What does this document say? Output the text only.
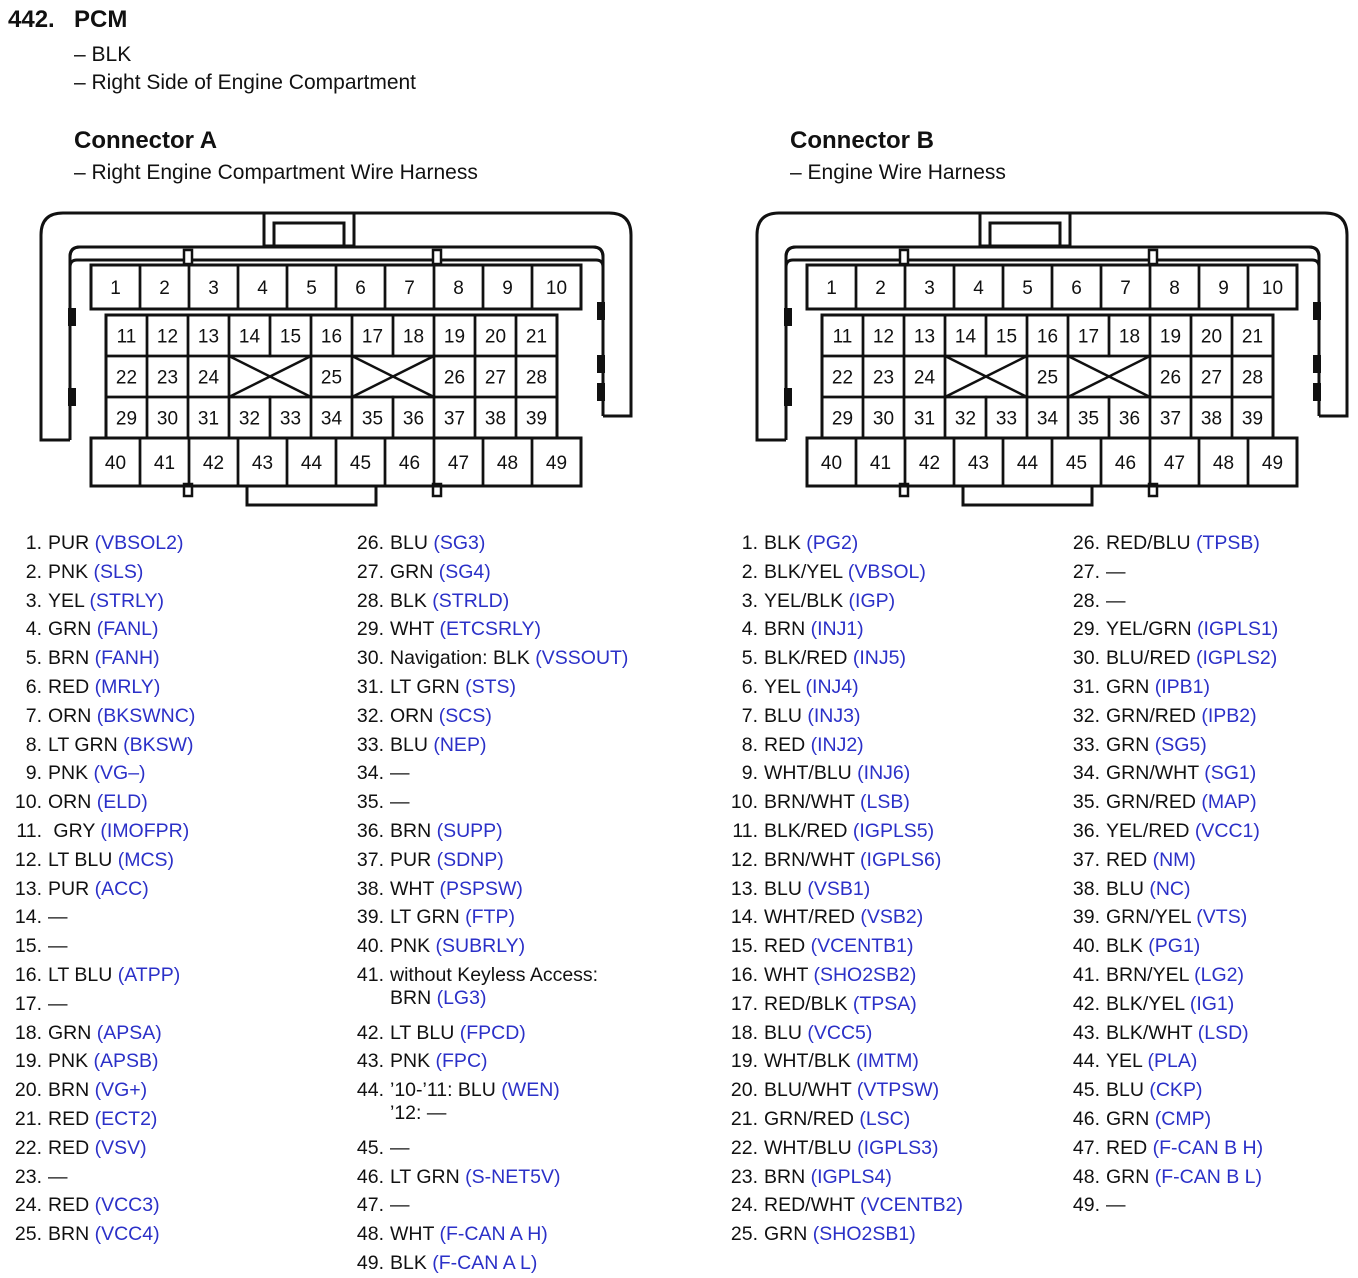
442. PCM
– BLK
– Right Side of Engine Compartment
Connector A
– Right Engine Compartment Wire Harness
Connector B
– Engine Wire Harness
1 2 3 4 5 6 7 8 9 10
11 12 13 14 15 16 17 18 19 20 21
22 23 24	25	26 27 28
29 30 31 32 33 34 35 36 37 38 39
40 41 42 43 44 45 46 47 48 49
1 2 3 4 5 6 7 8 9 10
11 12 13 14 15 16 17 18 19 20 21
22 23 24	25	26 27 28
29 30 31 32 33 34 35 36 37 38 39
40 41 42 43 44 45 46 47 48 49
1. PUR (VBSOL2)
2. PNK (SLS)
3. YEL (STRLY)
4. GRN (FANL)
5. BRN (FANH)
6. RED (MRLY)
7. ORN (BKSWNC)
8. LT GRN (BKSW)
9. PNK (VG–)
10. ORN (ELD)
11. GRY (IMOFPR)
12. LT BLU (MCS)
13. PUR (ACC)
14. —
15. —
16. LT BLU (ATPP)
17. —
18. GRN (APSA)
19. PNK (APSB)
20. BRN (VG+)
21. RED (ECT2)
22. RED (VSV)
23. —
24. RED (VCC3)
25. BRN (VCC4)
26. BLU (SG3)
27. GRN (SG4)
28. BLK (STRLD)
29. WHT (ETCSRLY)
30. Navigation: BLK (VSSOUT)
31. LT GRN (STS)
32. ORN (SCS)
33. BLU (NEP)
34. —
35. —
36. BRN (SUPP)
37. PUR (SDNP)
38. WHT (PSPSW)
39. LT GRN (FTP)
40. PNK (SUBRLY)
41. without Keyless Access:
BRN (LG3)
42. LT BLU (FPCD)
43. PNK (FPC)
44. ’10-’11: BLU (WEN)
’12: —
45. —
46. LT GRN (S-NET5V)
47. —
48. WHT (F-CAN A H)
49. BLK (F-CAN A L)
1. BLK (PG2)
2. BLK/YEL (VBSOL)
3. YEL/BLK (IGP)
4. BRN (INJ1)
5. BLK/RED (INJ5)
6. YEL (INJ4)
7. BLU (INJ3)
8. RED (INJ2)
9. WHT/BLU (INJ6)
10. BRN/WHT (LSB)
11. BLK/RED (IGPLS5)
12. BRN/WHT (IGPLS6)
13. BLU (VSB1)
14. WHT/RED (VSB2)
15. RED (VCENTB1)
16. WHT (SHO2SB2)
17. RED/BLK (TPSA)
18. BLU (VCC5)
19. WHT/BLK (IMTM)
20. BLU/WHT (VTPSW)
21. GRN/RED (LSC)
22. WHT/BLU (IGPLS3)
23. BRN (IGPLS4)
24. RED/WHT (VCENTB2)
25. GRN (SHO2SB1)
26. RED/BLU (TPSB)
27. —
28. —
29. YEL/GRN (IGPLS1)
30. BLU/RED (IGPLS2)
31. GRN (IPB1)
32. GRN/RED (IPB2)
33. GRN (SG5)
34. GRN/WHT (SG1)
35. GRN/RED (MAP)
36. YEL/RED (VCC1)
37. RED (NM)
38. BLU (NC)
39. GRN/YEL (VTS)
40. BLK (PG1)
41. BRN/YEL (LG2)
42. BLK/YEL (IG1)
43. BLK/WHT (LSD)
44. YEL (PLA)
45. BLU (CKP)
46. GRN (CMP)
47. RED (F-CAN B H)
48. GRN (F-CAN B L)
49. —
